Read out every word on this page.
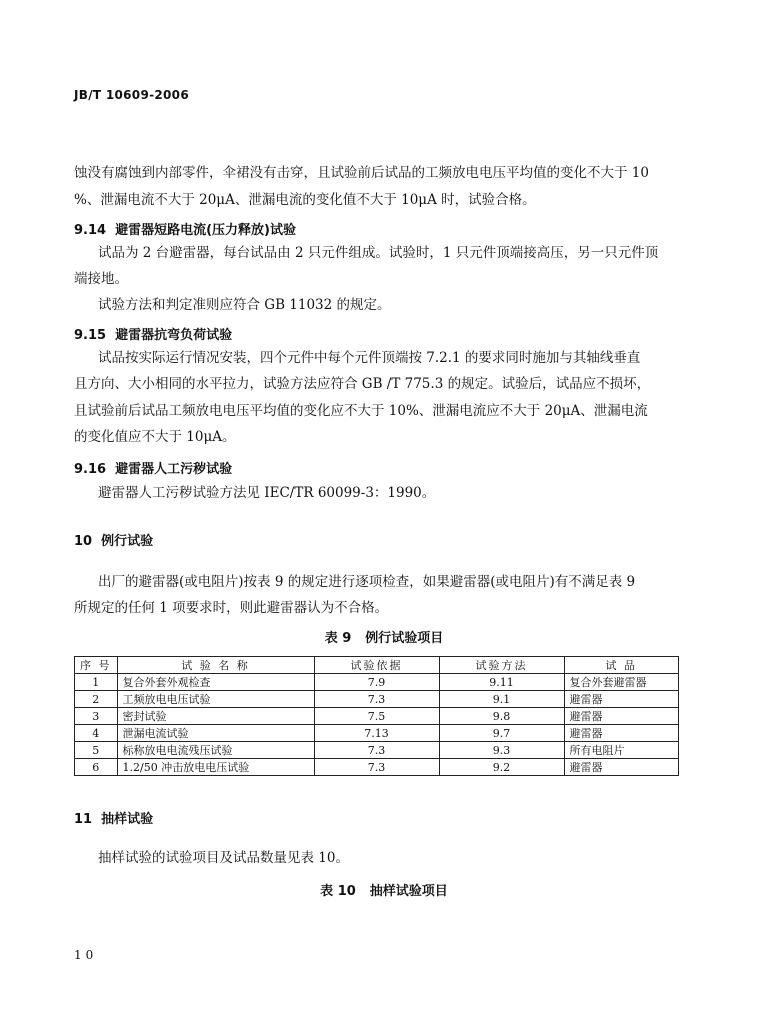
JB/T 10609-2006
蚀没有腐蚀到内部零件，伞裙没有击穿，且试验前后试品的工频放电电压平均值的变化不大于 10
%、泄漏电流不大于 20μA、泄漏电流的变化值不大于 10μA 时，试验合格。
9.14 避雷器短路电流(压力释放)试验
试品为 2 台避雷器，每台试品由 2 只元件组成。试验时，1 只元件顶端接高压，另一只元件顶
端接地。
试验方法和判定准则应符合 GB 11032 的规定。
9.15 避雷器抗弯负荷试验
试品按实际运行情况安装，四个元件中每个元件顶端按 7.2.1 的要求同时施加与其轴线垂直
且方向、大小相同的水平拉力，试验方法应符合 GB /T 775.3 的规定。试验后，试品应不损坏，
且试验前后试品工频放电电压平均值的变化应不大于 10%、泄漏电流应不大于 20μA、泄漏电流
的变化值应不大于 10μA。
9.16 避雷器人工污秽试验
避雷器人工污秽试验方法见 IEC/TR 60099-3：1990。
10 例行试验
出厂的避雷器(或电阻片)按表 9 的规定进行逐项检查，如果避雷器(或电阻片)有不满足表 9
所规定的任何 1 项要求时，则此避雷器认为不合格。
表 9 例行试验项目
序 号	试 验 名 称	试验依据	试验方法	试 品
1	复合外套外观检查	7.9	9.11	复合外套避雷器
2	工频放电电压试验	7.3	9.1	避雷器
3	密封试验	7.5	9.8	避雷器
4	泄漏电流试验	7.13	9.7	避雷器
5	标称放电电流残压试验	7.3	9.3	所有电阻片
6	1.2/50 冲击放电电压试验	7.3	9.2	避雷器
11 抽样试验
抽样试验的试验项目及试品数量见表 10。
表 10 抽样试验项目
10
